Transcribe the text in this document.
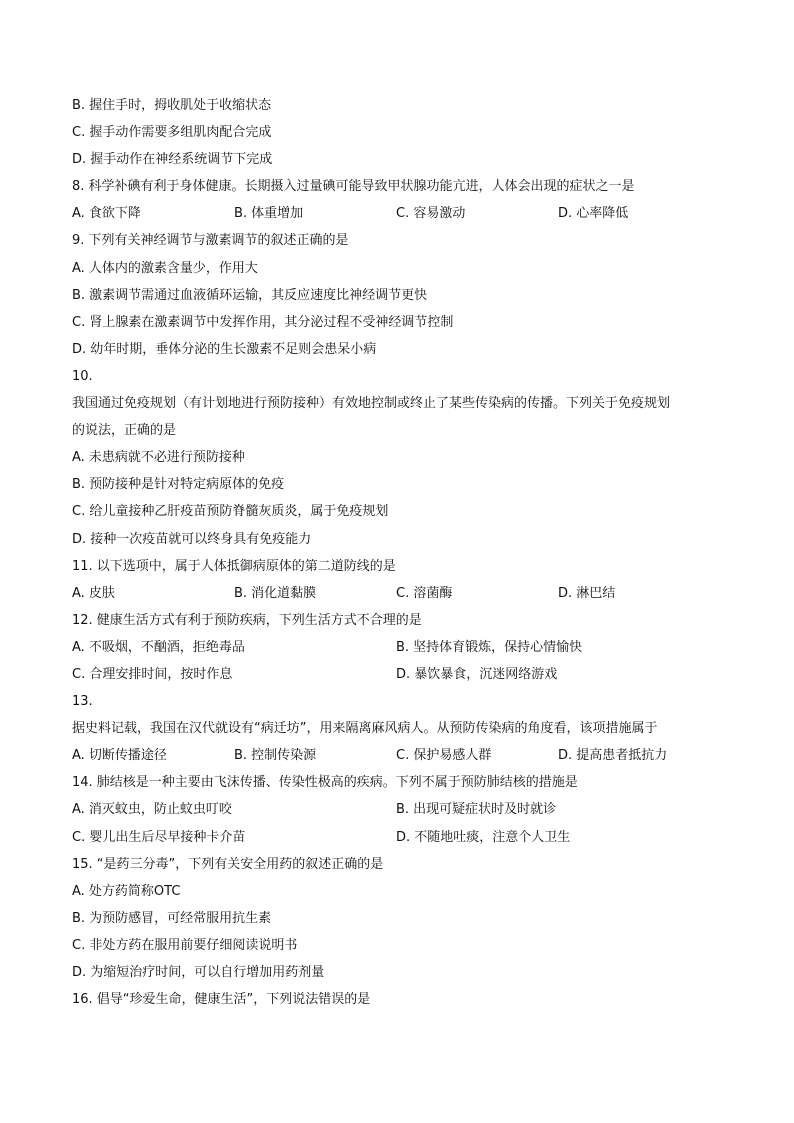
B. 握住手时，拇收肌处于收缩状态
C. 握手动作需要多组肌肉配合完成
D. 握手动作在神经系统调节下完成
8. 科学补碘有利于身体健康。长期摄入过量碘可能导致甲状腺功能亢进，人体会出现的症状之一是
A. 食欲下降	B. 体重增加	C. 容易激动	D. 心率降低
9. 下列有关神经调节与激素调节的叙述正确的是
A. 人体内的激素含量少，作用大
B. 激素调节需通过血液循环运输，其反应速度比神经调节更快
C. 肾上腺素在激素调节中发挥作用，其分泌过程不受神经调节控制
D. 幼年时期，垂体分泌的生长激素不足则会患呆小病
10.
我国通过免疫规划（有计划地进行预防接种）有效地控制或终止了某些传染病的传播。下列关于免疫规划
的说法，正确的是
A. 未患病就不必进行预防接种
B. 预防接种是针对特定病原体的免疫
C. 给儿童接种乙肝疫苗预防脊髓灰质炎，属于免疫规划
D. 接种一次疫苗就可以终身具有免疫能力
11. 以下选项中，属于人体抵御病原体的第二道防线的是
A. 皮肤	B. 消化道黏膜	C. 溶菌酶	D. 淋巴结
12. 健康生活方式有利于预防疾病，下列生活方式不合理的是
A. 不吸烟，不酗酒，拒绝毒品	B. 坚持体育锻炼，保持心情愉快
C. 合理安排时间，按时作息	D. 暴饮暴食，沉迷网络游戏
13.
据史料记载，我国在汉代就设有“病迁坊”，用来隔离麻风病人。从预防传染病的角度看，该项措施属于
A. 切断传播途径	B. 控制传染源	C. 保护易感人群	D. 提高患者抵抗力
14. 肺结核是一种主要由飞沫传播、传染性极高的疾病。下列不属于预防肺结核的措施是
A. 消灭蚊虫，防止蚊虫叮咬	B. 出现可疑症状时及时就诊
C. 婴儿出生后尽早接种卡介苗	D. 不随地吐痰，注意个人卫生
15. “是药三分毒”，下列有关安全用药的叙述正确的是
A. 处方药简称OTC
B. 为预防感冒，可经常服用抗生素
C. 非处方药在服用前要仔细阅读说明书
D. 为缩短治疗时间，可以自行增加用药剂量
16. 倡导“珍爱生命，健康生活”，下列说法错误的是
